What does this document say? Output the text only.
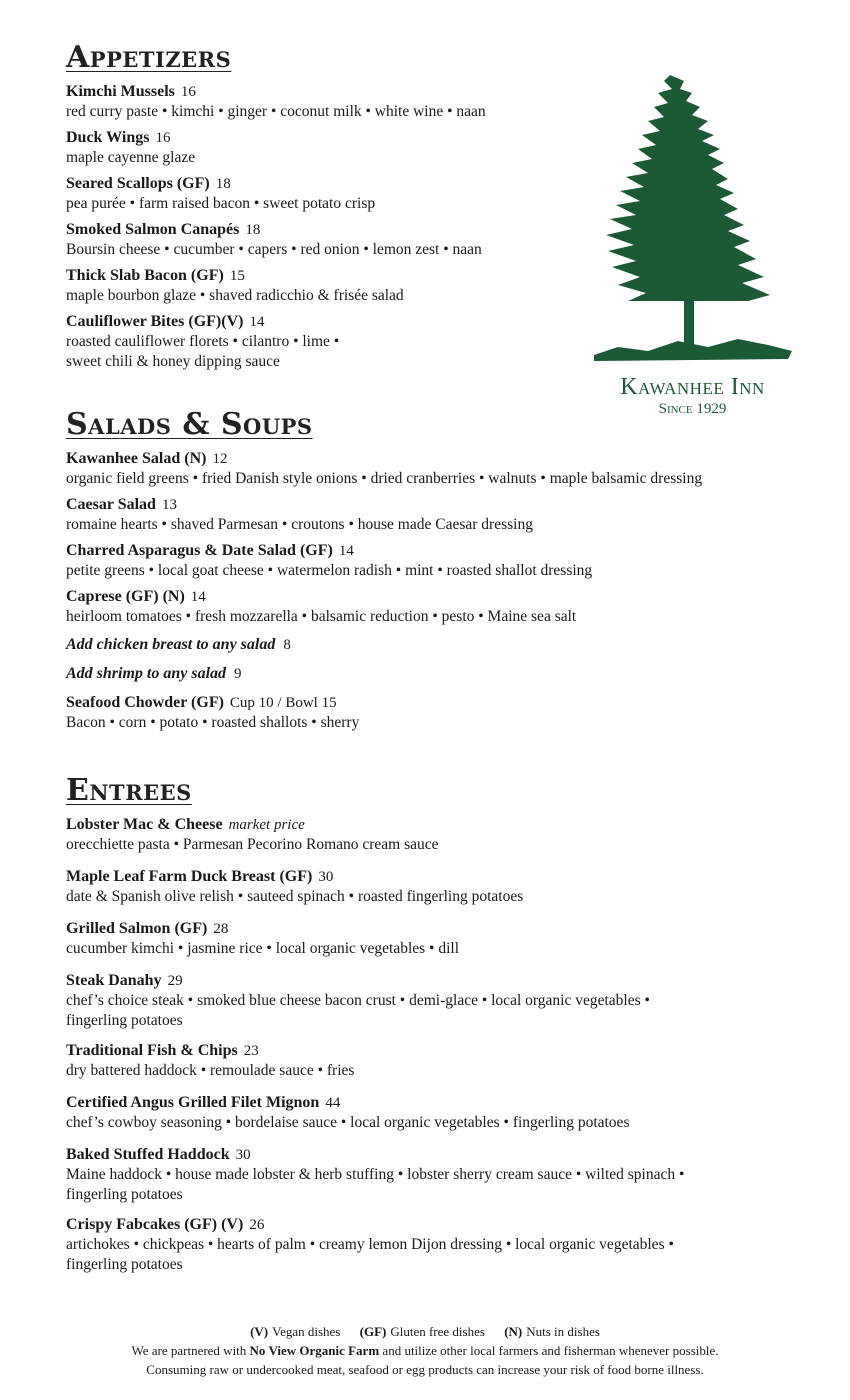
Appetizers
Kimchi Mussels 16
red curry paste • kimchi • ginger • coconut milk • white wine • naan
Duck Wings 16
maple cayenne glaze
Seared Scallops (GF) 18
pea purée • farm raised bacon • sweet potato crisp
Smoked Salmon Canapés 18
Boursin cheese • cucumber • capers • red onion • lemon zest • naan
Thick Slab Bacon (GF) 15
maple bourbon glaze • shaved radicchio & frisée salad
Cauliflower Bites (GF)(V) 14
roasted cauliflower florets • cilantro • lime •
sweet chili & honey dipping sauce
Kawanhee Inn
Since 1929
Salads & Soups
Kawanhee Salad (N) 12
organic field greens • fried Danish style onions • dried cranberries • walnuts • maple balsamic dressing
Caesar Salad 13
romaine hearts • shaved Parmesan • croutons • house made Caesar dressing
Charred Asparagus & Date Salad (GF) 14
petite greens • local goat cheese • watermelon radish • mint • roasted shallot dressing
Caprese (GF) (N) 14
heirloom tomatoes • fresh mozzarella • balsamic reduction • pesto • Maine sea salt
Add chicken breast to any salad 8
Add shrimp to any salad 9
Seafood Chowder (GF) Cup 10 / Bowl 15
Bacon • corn • potato • roasted shallots • sherry
Entrees
Lobster Mac & Cheese market price
orecchiette pasta • Parmesan Pecorino Romano cream sauce
Maple Leaf Farm Duck Breast (GF) 30
date & Spanish olive relish • sauteed spinach • roasted fingerling potatoes
Grilled Salmon (GF) 28
cucumber kimchi • jasmine rice • local organic vegetables • dill
Steak Danahy 29
chef’s choice steak • smoked blue cheese bacon crust • demi-glace • local organic vegetables •
fingerling potatoes
Traditional Fish & Chips 23
dry battered haddock • remoulade sauce • fries
Certified Angus Grilled Filet Mignon 44
chef’s cowboy seasoning • bordelaise sauce • local organic vegetables • fingerling potatoes
Baked Stuffed Haddock 30
Maine haddock • house made lobster & herb stuffing • lobster sherry cream sauce • wilted spinach •
fingerling potatoes
Crispy Fabcakes (GF) (V) 26
artichokes • chickpeas • hearts of palm • creamy lemon Dijon dressing • local organic vegetables •
fingerling potatoes
(V) Vegan dishes (GF) Gluten free dishes (N) Nuts in dishes
We are partnered with No View Organic Farm and utilize other local farmers and fisherman whenever possible.
Consuming raw or undercooked meat, seafood or egg products can increase your risk of food borne illness.
